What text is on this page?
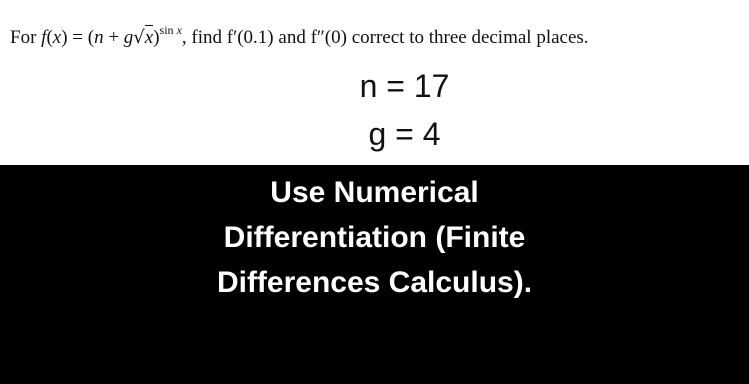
For $f(x) = (n + g√x)^{sin x}$, find f′(0.1) and f″(0) correct to three decimal places.
n = 17
g = 4
Use Numerical
Differentiation (Finite
Differences Calculus).
